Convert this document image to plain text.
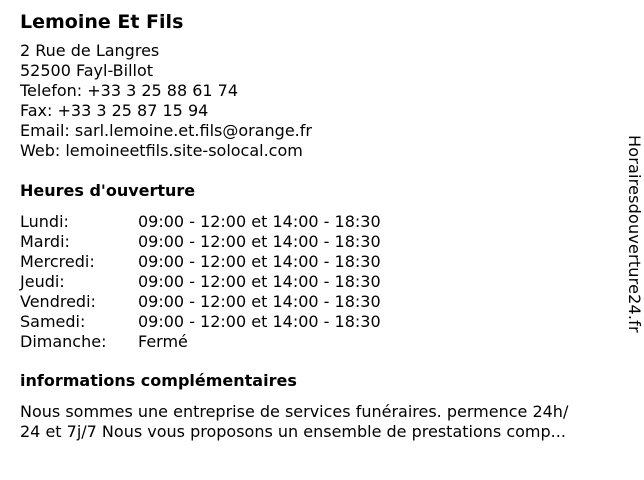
Lemoine Et Fils
2 Rue de Langres
52500 Fayl-Billot
Telefon: +33 3 25 88 61 74
Fax: +33 3 25 87 15 94
Email: sarl.lemoine.et.fils@orange.fr
Web: lemoineetfils.site-solocal.com
Heures d'ouverture
Lundi:	09:00 - 12:00 et 14:00 - 18:30
Mardi:	09:00 - 12:00 et 14:00 - 18:30
Mercredi:	09:00 - 12:00 et 14:00 - 18:30
Jeudi:	09:00 - 12:00 et 14:00 - 18:30
Vendredi:	09:00 - 12:00 et 14:00 - 18:30
Samedi:	09:00 - 12:00 et 14:00 - 18:30
Dimanche:	Fermé
informations complémentaires
Nous sommes une entreprise de services funéraires. permence 24h/
24 et 7j/7 Nous vous proposons un ensemble de prestations comp...
Horairesdouverture24.fr
